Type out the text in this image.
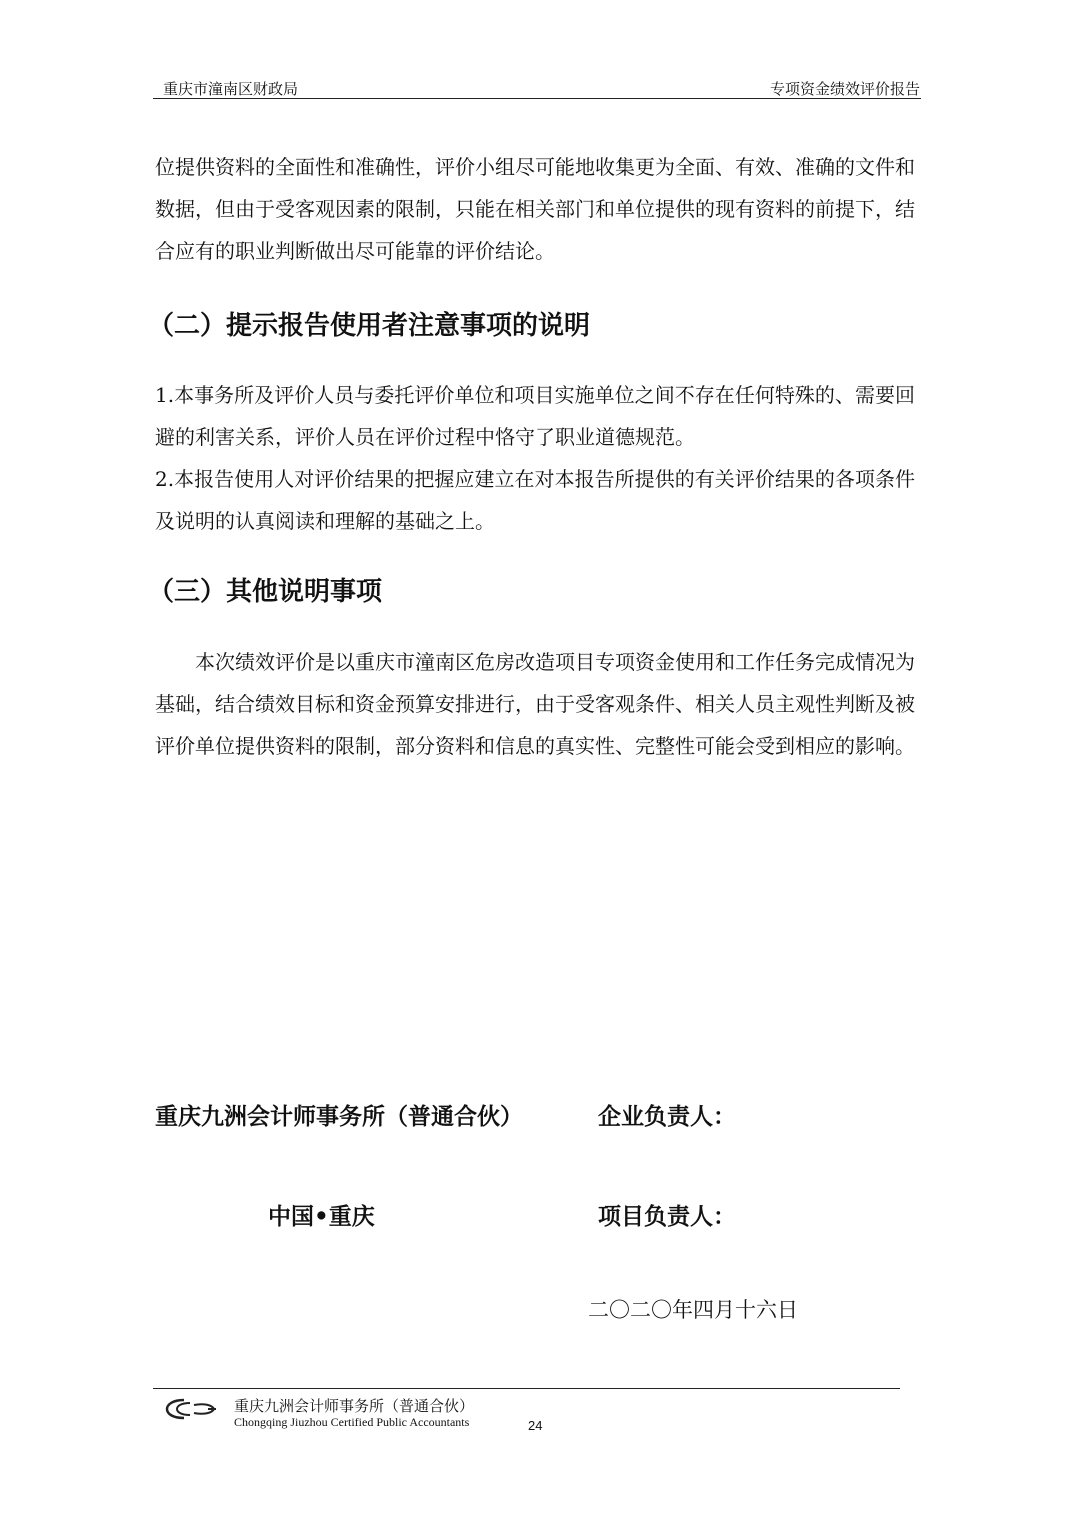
重庆市潼南区财政局	专项资金绩效评价报告

位提供资料的全面性和准确性，评价小组尽可能地收集更为全面、有效、准确的文件和数据，但由于受客观因素的限制，只能在相关部门和单位提供的现有资料的前提下，结合应有的职业判断做出尽可能靠的评价结论。

（二）提示报告使用者注意事项的说明

1.本事务所及评价人员与委托评价单位和项目实施单位之间不存在任何特殊的、需要回避的利害关系，评价人员在评价过程中恪守了职业道德规范。

2.本报告使用人对评价结果的把握应建立在对本报告所提供的有关评价结果的各项条件及说明的认真阅读和理解的基础之上。

（三）其他说明事项

本次绩效评价是以重庆市潼南区危房改造项目专项资金使用和工作任务完成情况为基础，结合绩效目标和资金预算安排进行，由于受客观条件、相关人员主观性判断及被评价单位提供资料的限制，部分资料和信息的真实性、完整性可能会受到相应的影响。

重庆九洲会计师事务所（普通合伙）	企业负责人：
中国•重庆	项目负责人：
二〇二〇年四月十六日
重庆九洲会计师事务所（普通合伙）
Chongqing Jiuzhou Certified Public Accountants	24
